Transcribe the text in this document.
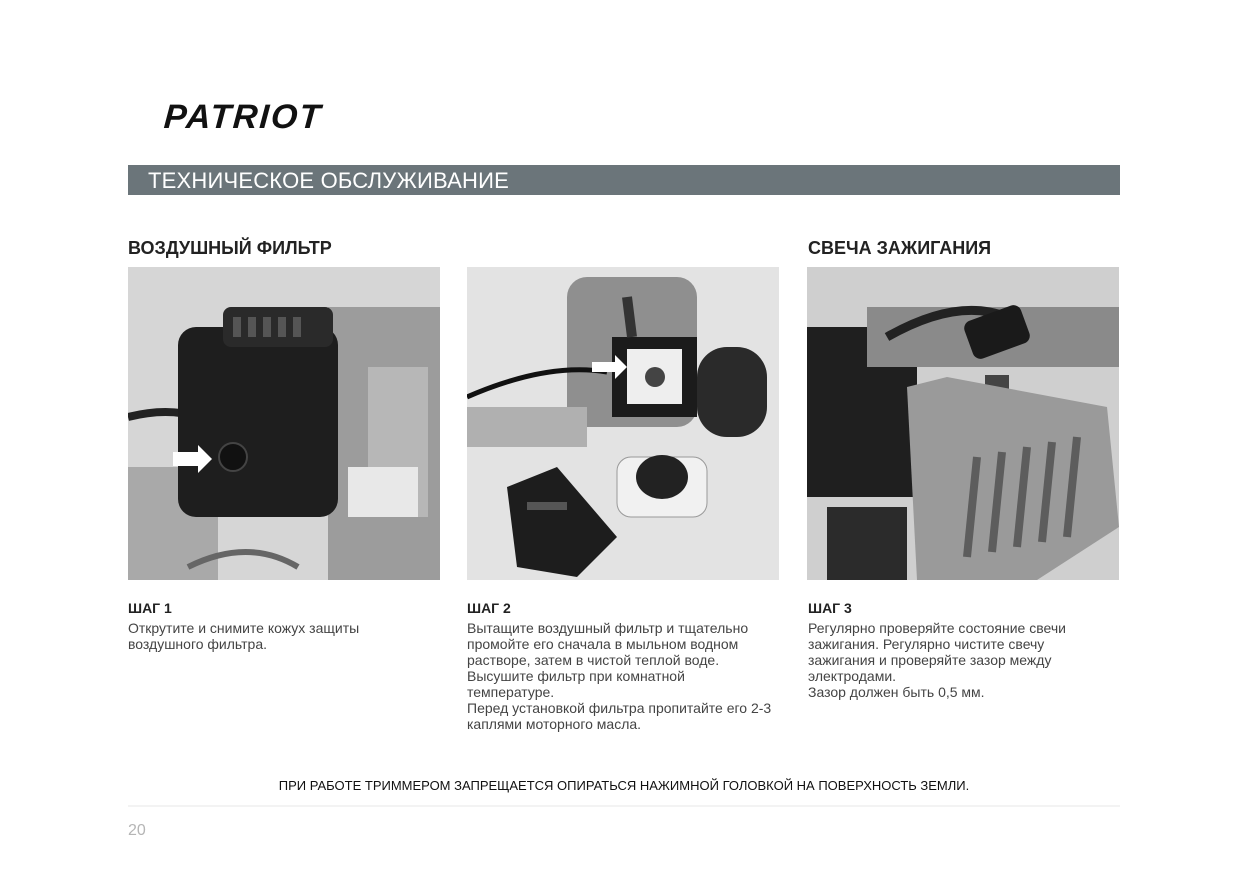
PATRIOT
ТЕХНИЧЕСКОЕ ОБСЛУЖИВАНИЕ
ВОЗДУШНЫЙ ФИЛЬТР	СВЕЧА ЗАЖИГАНИЯ
ШАГ 1

Открутите и снимите кожух защиты воздушного фильтра.

ШАГ 2

Вытащите воздушный фильтр и тщательно промойте его сначала в мыльном водном растворе, затем в чистой теплой воде. Высушите фильтр при комнатной температуре.

Перед установкой фильтра пропитайте его 2-3 каплями моторного масла.

ШАГ 3

Регулярно проверяйте состояние свечи зажигания. Регулярно чистите свечу зажигания и проверяйте зазор между электродами.

Зазор должен быть 0,5 мм.

ПРИ РАБОТЕ ТРИММЕРОМ ЗАПРЕЩАЕТСЯ ОПИРАТЬСЯ НАЖИМНОЙ ГОЛОВКОЙ НА ПОВЕРХНОСТЬ ЗЕМЛИ.
20
